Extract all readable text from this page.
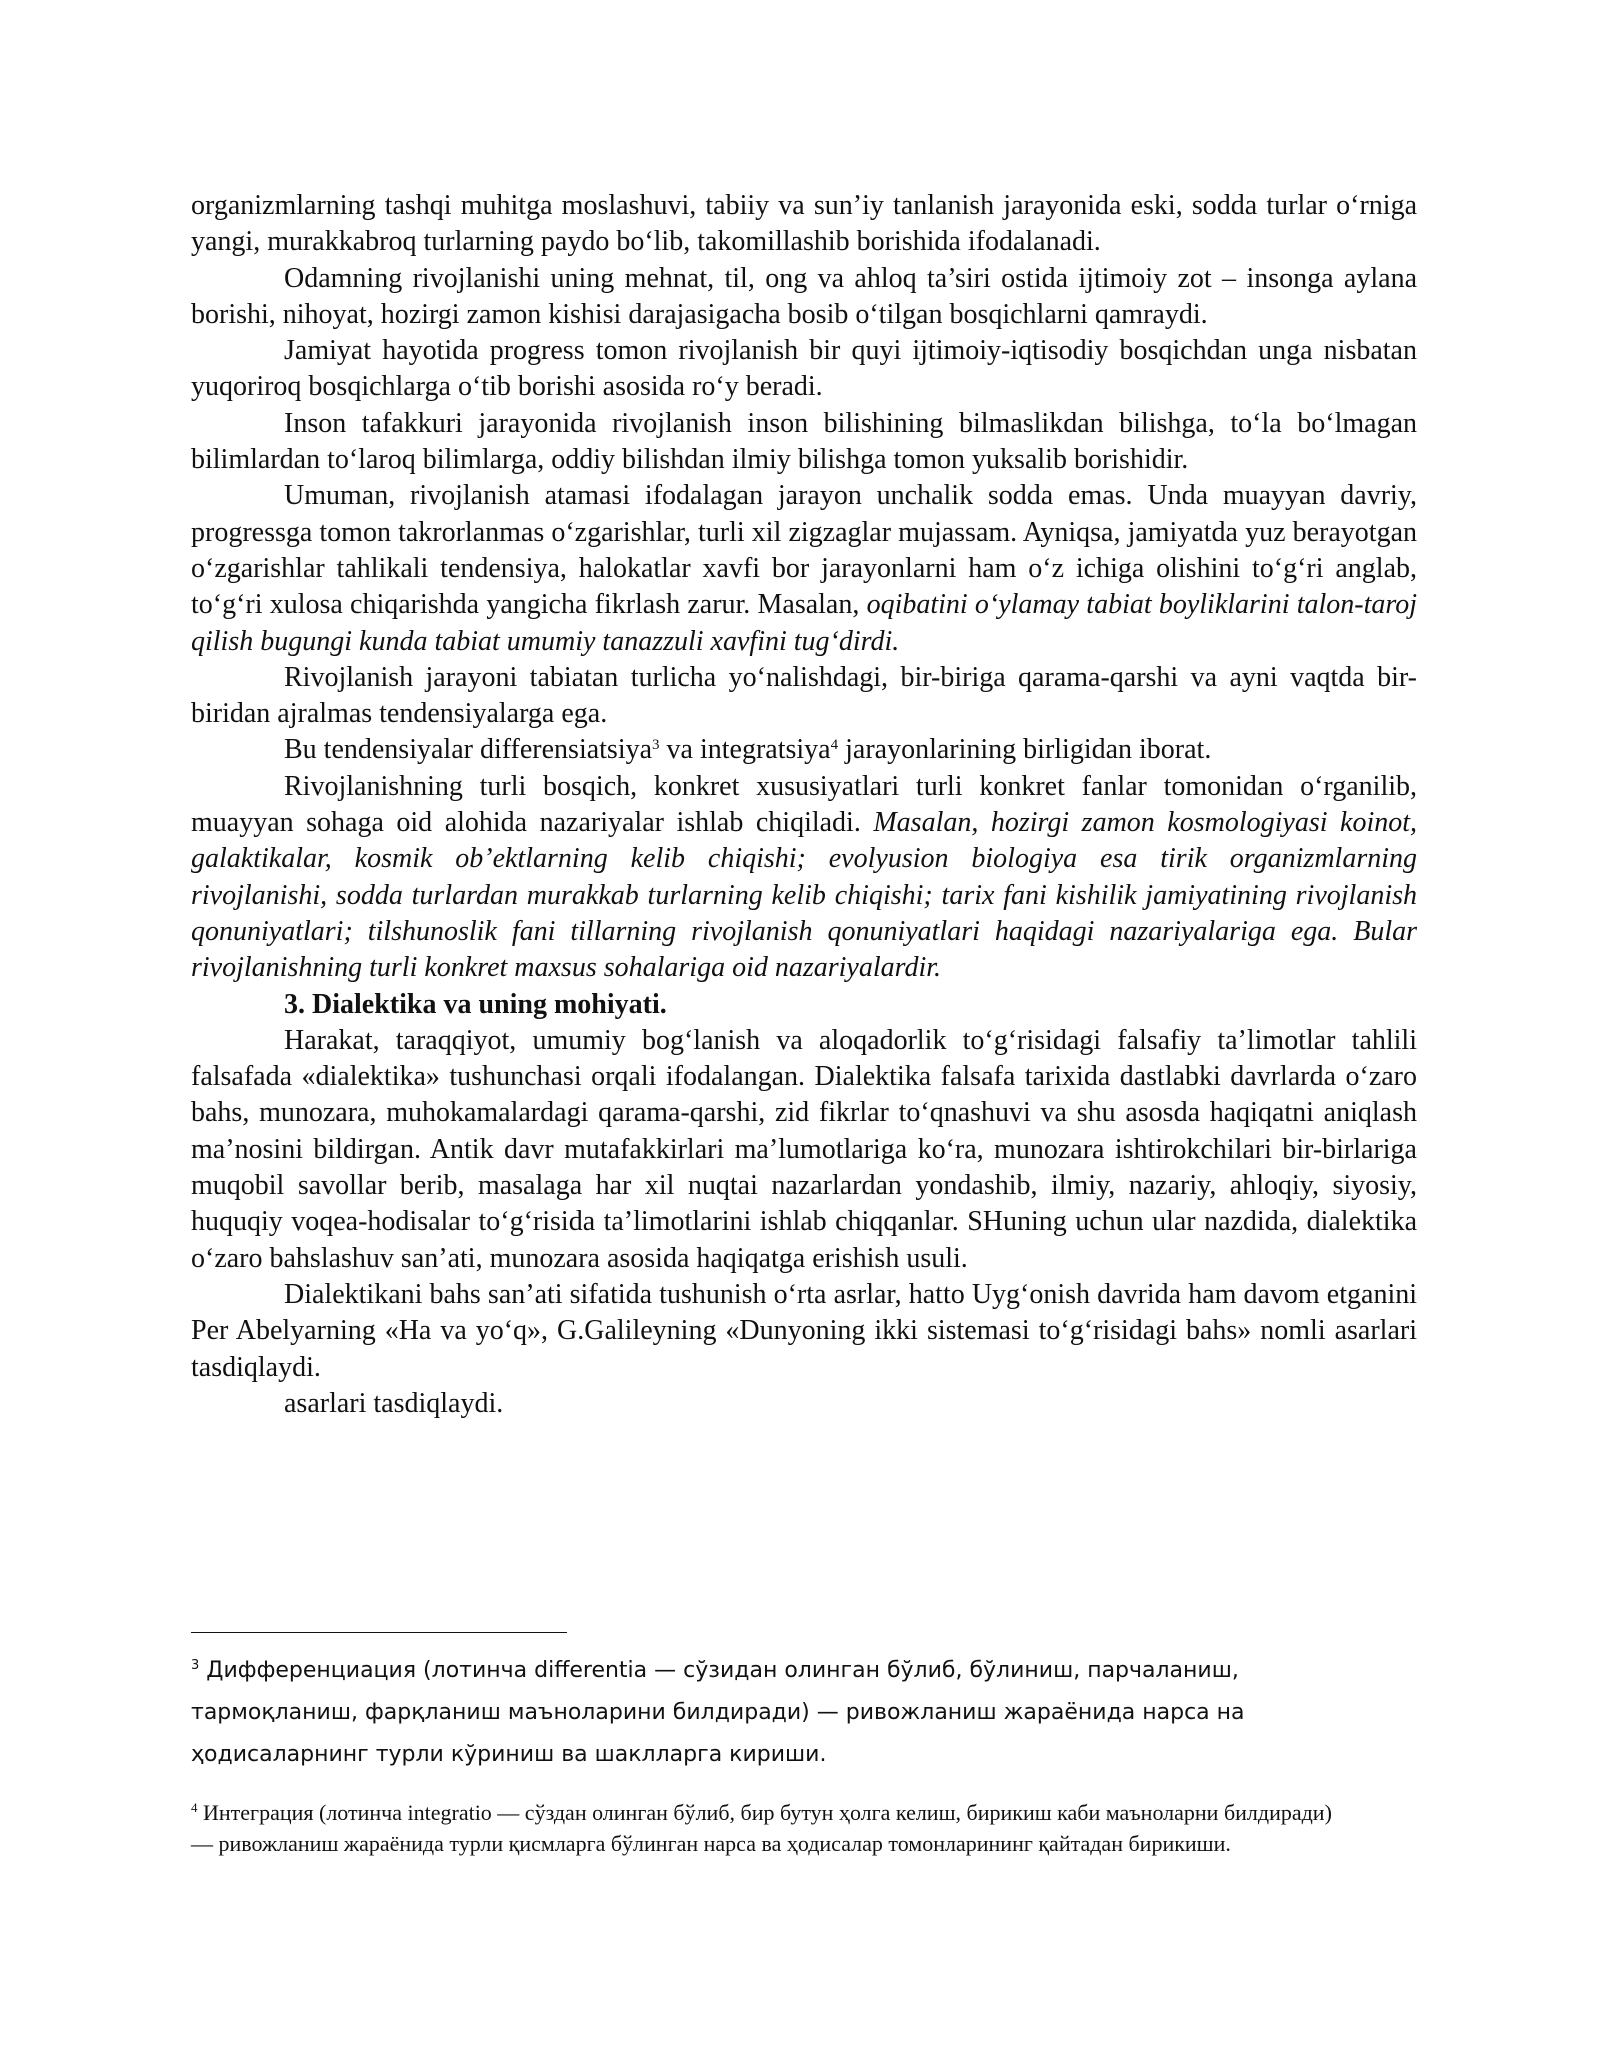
organizmlarning tashqi muhitga moslashuvi, tabiiy va sun’iy tanlanish jarayonida eski, sodda turlar o‘rniga yangi, murakkabroq turlarning paydo bo‘lib, takomillashib borishida ifodalanadi.

Odamning rivojlanishi uning mehnat, til, ong va ahloq ta’siri ostida ijtimoiy zot – insonga aylana borishi, nihoyat, hozirgi zamon kishisi darajasigacha bosib o‘tilgan bosqichlarni qamraydi.

Jamiyat hayotida progress tomon rivojlanish bir quyi ijtimoiy-iqtisodiy bosqichdan unga nisbatan yuqoriroq bosqichlarga o‘tib borishi asosida ro‘y beradi.

Inson tafakkuri jarayonida rivojlanish inson bilishining bilmaslikdan bilishga, to‘la bo‘lmagan bilimlardan to‘laroq bilimlarga, oddiy bilishdan ilmiy bilishga tomon yuksalib borishidir.

Umuman, rivojlanish atamasi ifodalagan jarayon unchalik sodda emas. Unda muayyan davriy, progressga tomon takrorlanmas o‘zgarishlar, turli xil zigzaglar mujassam. Ayniqsa, jamiyatda yuz berayotgan o‘zgarishlar tahlikali tendensiya, halokatlar xavfi bor jarayonlarni ham o‘z ichiga olishini to‘g‘ri anglab, to‘g‘ri xulosa chiqarishda yangicha fikrlash zarur. Masalan, oqibatini o‘ylamay tabiat boyliklarini talon-taroj qilish bugungi kunda tabiat umumiy tanazzuli xavfini tug‘dirdi.

Rivojlanish jarayoni tabiatan turlicha yo‘nalishdagi, bir-biriga qarama-qarshi va ayni vaqtda bir-biridan ajralmas tendensiyalarga ega.

Bu tendensiyalar differensiatsiya$^3$ va integratsiya$^4$ jarayonlarining birligidan iborat.

Rivojlanishning turli bosqich, konkret xususiyatlari turli konkret fanlar tomonidan o‘rganilib, muayyan sohaga oid alohida nazariyalar ishlab chiqiladi. Masalan, hozirgi zamon kosmologiyasi koinot, galaktikalar, kosmik ob’ektlarning kelib chiqishi; evolyusion biologiya esa tirik organizmlarning rivojlanishi, sodda turlardan murakkab turlarning kelib chiqishi; tarix fani kishilik jamiyatining rivojlanish qonuniyatlari; tilshunoslik fani tillarning rivojlanish qonuniyatlari haqidagi nazariyalariga ega. Bular rivojlanishning turli konkret maxsus sohalariga oid nazariyalardir.

3. Dialektika va uning mohiyati.

Harakat, taraqqiyot, umumiy bog‘lanish va aloqadorlik to‘g‘risidagi falsafiy ta’limotlar tahlili falsafada «dialektika» tushunchasi orqali ifodalangan. Dialektika falsafa tarixida dastlabki davrlarda o‘zaro bahs, munozara, muhokamalardagi qarama-qarshi, zid fikrlar to‘qnashuvi va shu asosda haqiqatni aniqlash ma’nosini bildirgan. Antik davr mutafakkirlari ma’lumotlariga ko‘ra, munozara ishtirokchilari bir-birlariga muqobil savollar berib, masalaga har xil nuqtai nazarlardan yondashib, ilmiy, nazariy, ahloqiy, siyosiy, huquqiy voqea-hodisalar to‘g‘risida ta’limotlarini ishlab chiqqanlar. SHuning uchun ular nazdida, dialektika o‘zaro bahslashuv san’ati, munozara asosida haqiqatga erishish usuli.

Dialektikani bahs san’ati sifatida tushunish o‘rta asrlar, hatto Uyg‘onish davrida ham davom etganini Per Abelyarning «Ha va yo‘q», G.Galileyning «Dunyoning ikki sistemasi to‘g‘risidagi bahs» nomli asarlari tasdiqlaydi.

asarlari tasdiqlaydi.

$^3$ Дифференциация (лотинча differentia — сўзидан олинган бўлиб, бўлиниш, парчаланиш, тармоқланиш, фарқланиш маъноларини билдиради) — ривожланиш жараёнида нарса на ҳодисаларнинг турли кўриниш ва шаклларга кириши.

$^4$ Интеграция (лотинча integratio — сўздан олинган бўлиб, бир бутун ҳолга келиш, бирикиш каби маъноларни билдиради) — ривожланиш жараёнида турли қисмларга бўлинган нарса ва ҳодисалар томонларининг қайтадан бирикиши.
